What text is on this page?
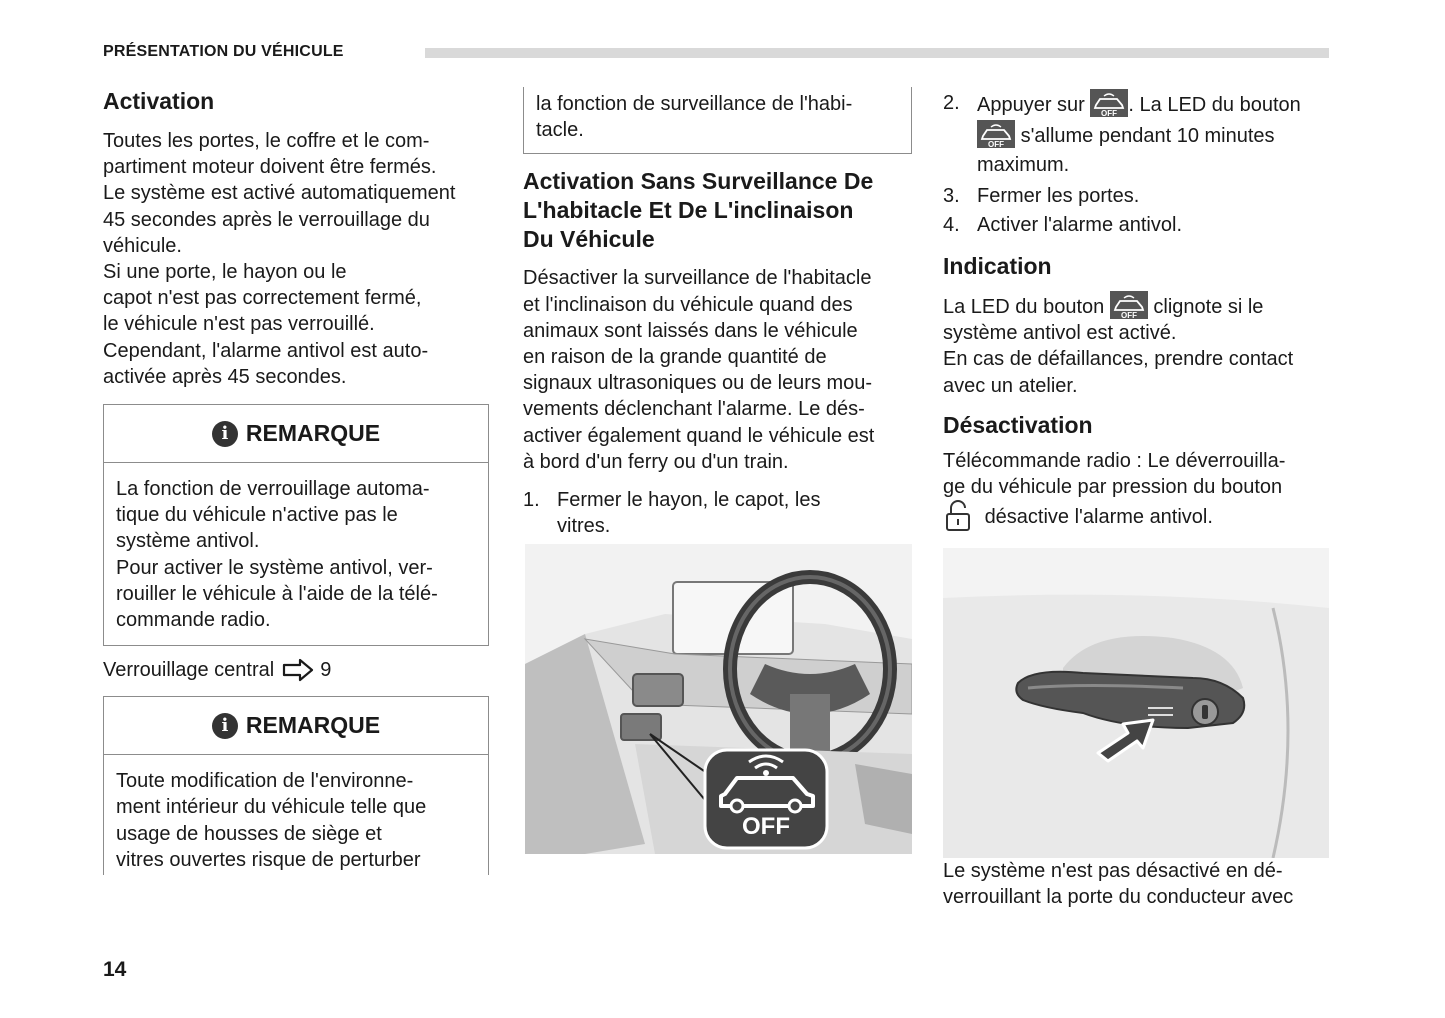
PRÉSENTATION DU VÉHICULE
Activation

Toutes les portes, le coffre et le com-
partiment moteur doivent être fermés.
Le système est activé automatiquement
45 secondes après le verrouillage du
véhicule.
Si une porte, le hayon ou le
capot n'est pas correctement fermé,
le véhicule n'est pas verrouillé.
Cependant, l'alarme antivol est auto-
activée après 45 secondes.

i REMARQUE

La fonction de verrouillage automa-
tique du véhicule n'active pas le
système antivol.
Pour activer le système antivol, ver-
rouiller le véhicule à l'aide de la télé-
commande radio.

Verrouillage central 9
i REMARQUE

Toute modification de l'environne-
ment intérieur du véhicule telle que
usage de housses de siège et
vitres ouvertes risque de perturber

la fonction de surveillance de l'habi-
tacle.

Activation Sans Surveillance De
L'habitacle Et De L'inclinaison
Du Véhicule

Désactiver la surveillance de l'habitacle
et l'inclinaison du véhicule quand des
animaux sont laissés dans le véhicule
en raison de la grande quantité de
signaux ultrasoniques ou de leurs mou-
vements déclenchant l'alarme. Le dés-
activer également quand le véhicule est
à bord d'un ferry ou d'un train.

1. Fermer le hayon, le capot, les
vitres.
OFF
2. Appuyer sur OFF . La LED du bouton

OFF s'allume pendant 10 minutes
maximum.
3. Fermer les portes.
4. Activer l'alarme antivol.
Indication

La LED du bouton OFF clignote si le
système antivol est activé.
En cas de défaillances, prendre contact
avec un atelier.

Désactivation

Télécommande radio : Le déverrouilla-
ge du véhicule par pression du bouton
désactive l'alarme antivol.

Le système n'est pas désactivé en dé-
verrouillant la porte du conducteur avec

14
